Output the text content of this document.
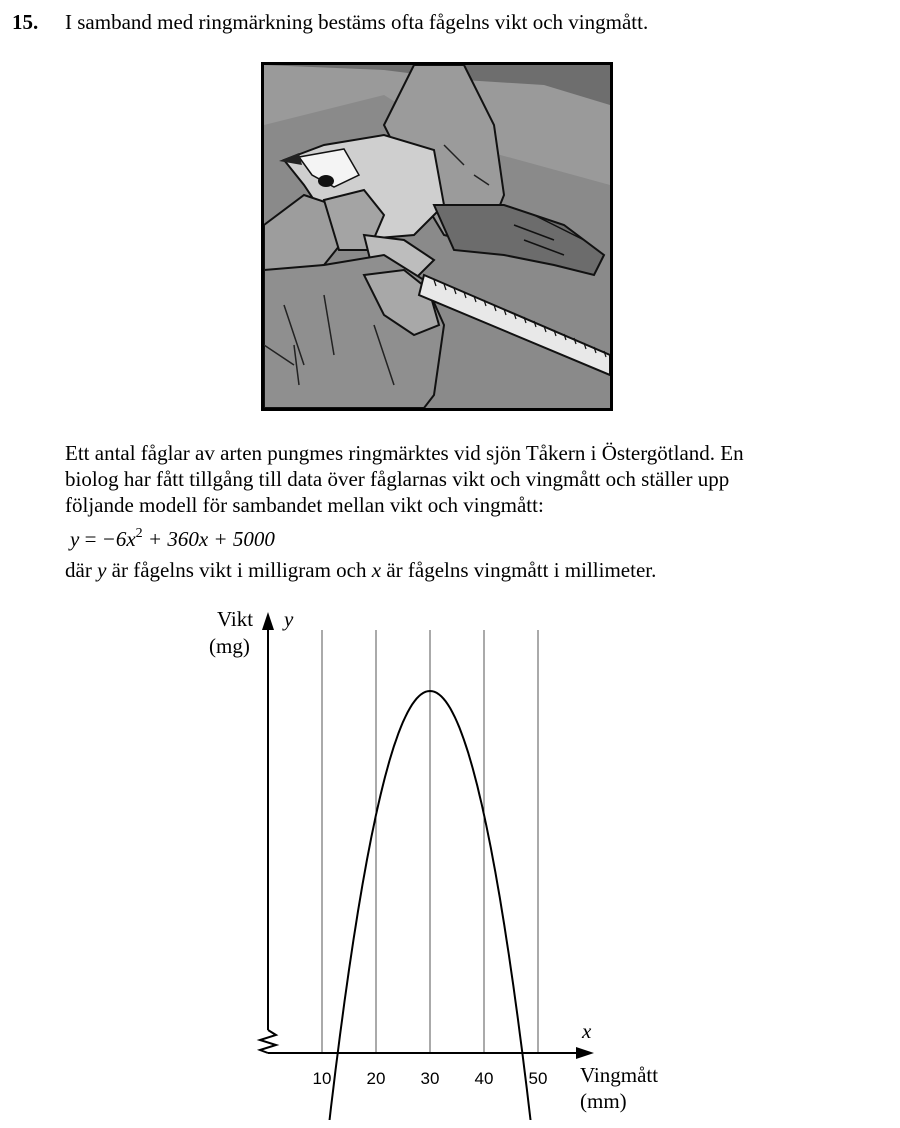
15. I samband med ringmärkning bestäms ofta fågelns vikt och vingmått.

Ett antal fåglar av arten pungmes ringmärktes vid sjön Tåkern i Östergötland. En

biolog har fått tillgång till data över fåglarnas vikt och vingmått och ställer upp

följande modell för sambandet mellan vikt och vingmått:

$y = -6x^2 + 360x + 5000$
där y är fågelns vikt i milligram och x är fågelns vingmått i millimeter.
10 20 30 40 50
Vikt
(mg)
y
x
Vingmått
(mm)
